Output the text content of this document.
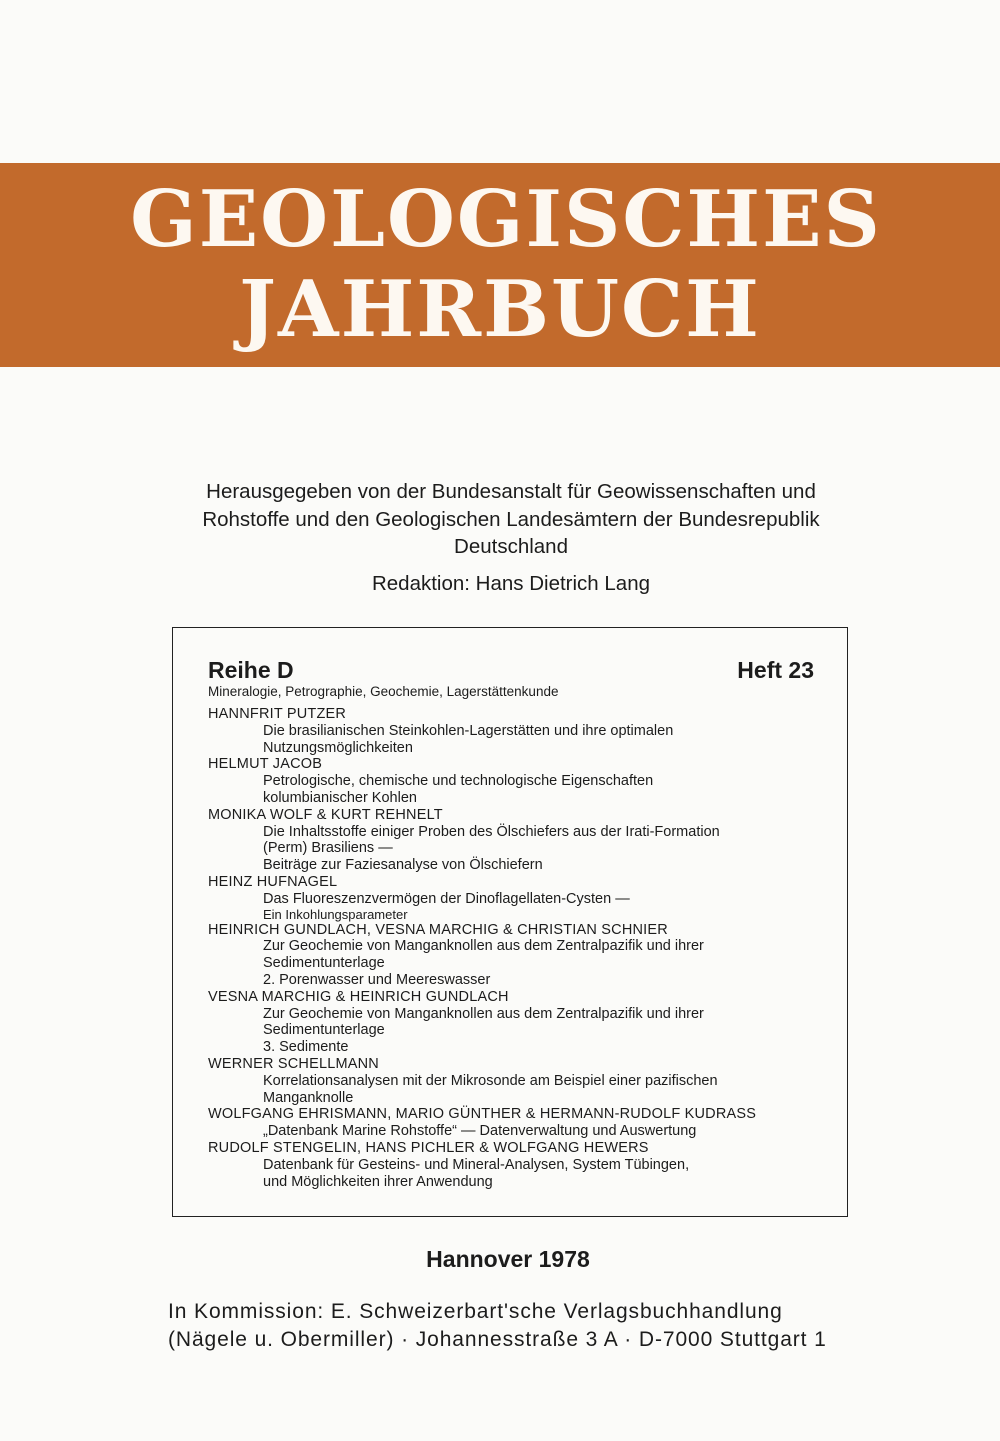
GEOLOGISCHES
JAHRBUCH
Herausgegeben von der Bundesanstalt für Geowissenschaften und
Rohstoffe und den Geologischen Landesämtern der Bundesrepublik
Deutschland
Redaktion: Hans Dietrich Lang
Reihe D	Heft 23
Mineralogie, Petrographie, Geochemie, Lagerstättenkunde
HANNFRIT PUTZER
Die brasilianischen Steinkohlen-Lagerstätten und ihre optimalen
Nutzungsmöglichkeiten
HELMUT JACOB
Petrologische, chemische und technologische Eigenschaften
kolumbianischer Kohlen
MONIKA WOLF & KURT REHNELT
Die Inhaltsstoffe einiger Proben des Ölschiefers aus der Irati-Formation
(Perm) Brasiliens —
Beiträge zur Faziesanalyse von Ölschiefern
HEINZ HUFNAGEL
Das Fluoreszenzvermögen der Dinoflagellaten-Cysten —
Ein Inkohlungsparameter
HEINRICH GUNDLACH, VESNA MARCHIG & CHRISTIAN SCHNIER
Zur Geochemie von Manganknollen aus dem Zentralpazifik und ihrer
Sedimentunterlage
2. Porenwasser und Meereswasser
VESNA MARCHIG & HEINRICH GUNDLACH
Zur Geochemie von Manganknollen aus dem Zentralpazifik und ihrer
Sedimentunterlage
3. Sedimente
WERNER SCHELLMANN
Korrelationsanalysen mit der Mikrosonde am Beispiel einer pazifischen
Manganknolle
WOLFGANG EHRISMANN, MARIO GÜNTHER & HERMANN-RUDOLF KUDRASS
„Datenbank Marine Rohstoffe“ — Datenverwaltung und Auswertung
RUDOLF STENGELIN, HANS PICHLER & WOLFGANG HEWERS
Datenbank für Gesteins- und Mineral-Analysen, System Tübingen,
und Möglichkeiten ihrer Anwendung
Hannover 1978
In Kommission: E. Schweizerbart'sche Verlagsbuchhandlung
(Nägele u. Obermiller) · Johannesstraße 3 A · D-7000 Stuttgart 1
